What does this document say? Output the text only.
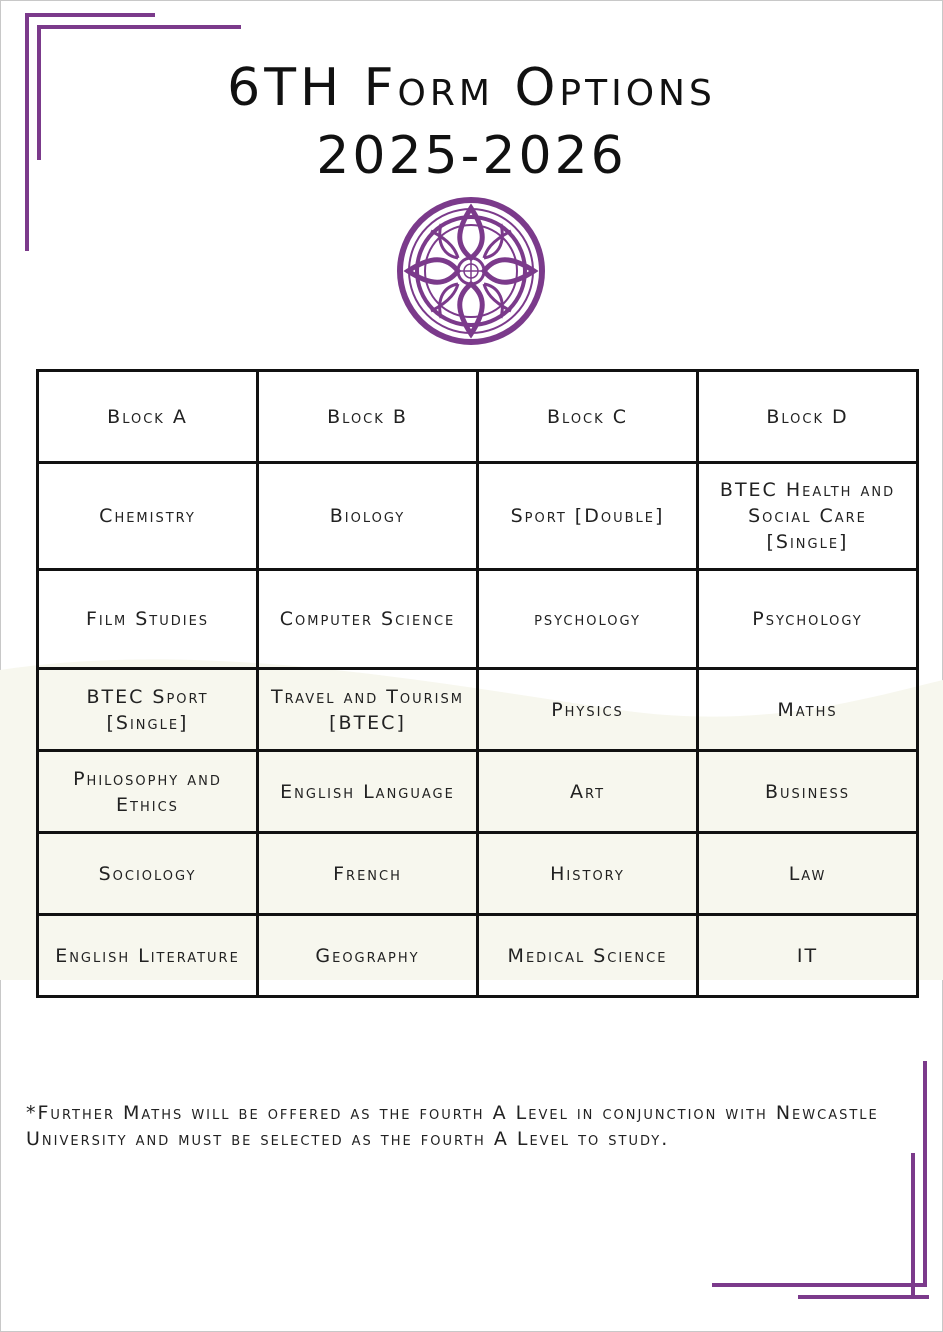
6TH Form Options
2025-2026
Block A	Block B	Block C	Block D
Chemistry	Biology	Sport [Double]	BTEC Health and Social Care [Single]
Film Studies	Computer Science	psychology	Psychology
BTEC Sport [Single]	Travel and Tourism [BTEC]	Physics	Maths
Philosophy and Ethics	English Language	Art	Business
Sociology	French	History	Law
English Literature	Geography	Medical Science	IT

*Further Maths will be offered as the fourth A Level in conjunction with Newcastle University and must be selected as the fourth A Level to study.
